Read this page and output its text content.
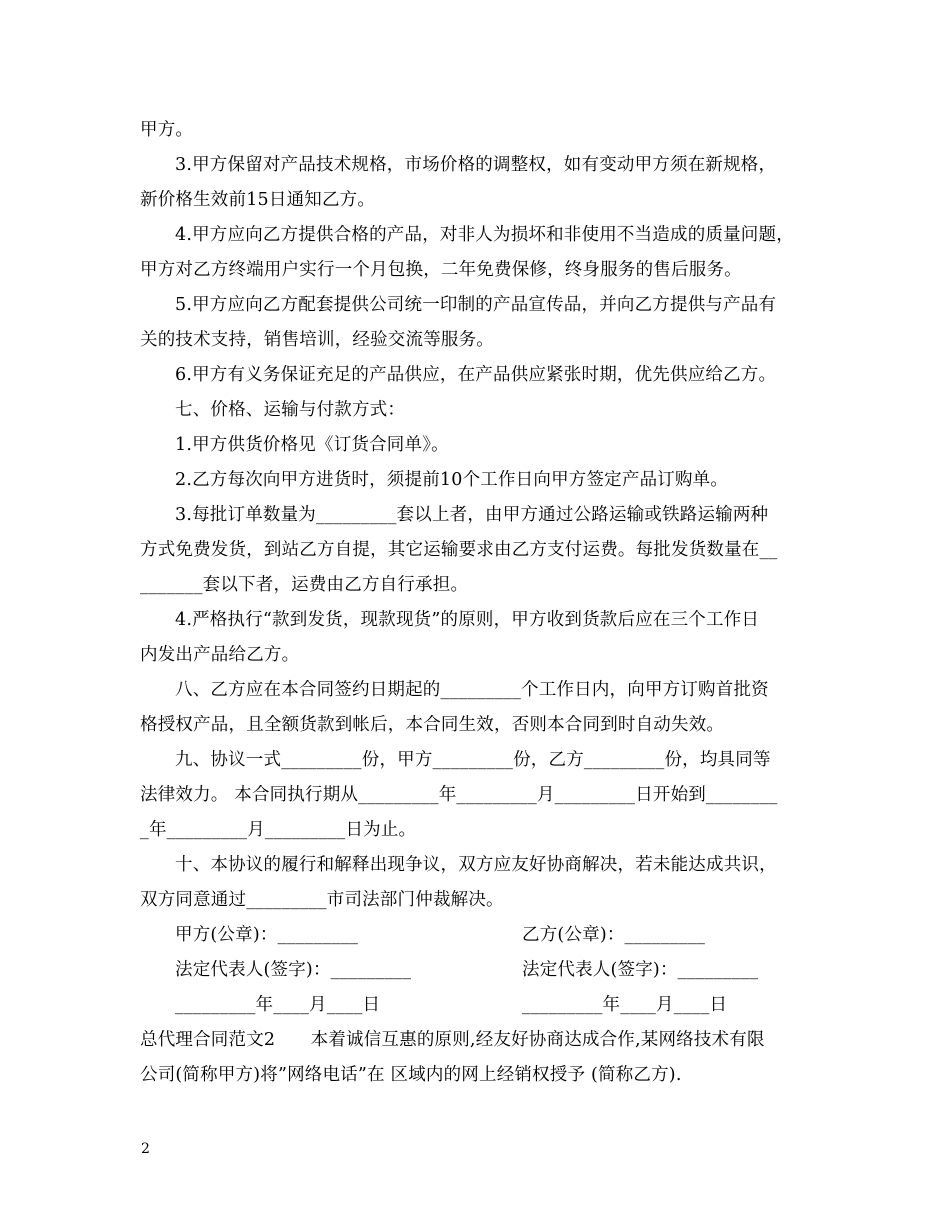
甲方。
3.甲方保留对产品技术规格，市场价格的调整权，如有变动甲方须在新规格，
新价格生效前15日通知乙方。
4.甲方应向乙方提供合格的产品，对非人为损坏和非使用不当造成的质量问题，
甲方对乙方终端用户实行一个月包换，二年免费保修，终身服务的售后服务。
5.甲方应向乙方配套提供公司统一印制的产品宣传品，并向乙方提供与产品有
关的技术支持，销售培训，经验交流等服务。
6.甲方有义务保证充足的产品供应，在产品供应紧张时期，优先供应给乙方。
七、价格、运输与付款方式：
1.甲方供货价格见《订货合同单》。
2.乙方每次向甲方进货时，须提前10个工作日向甲方签定产品订购单。
3.每批订单数量为_________套以上者，由甲方通过公路运输或铁路运输两种
方式免费发货，到站乙方自提，其它运输要求由乙方支付运费。每批发货数量在__
_______套以下者，运费由乙方自行承担。
4.严格执行“款到发货，现款现货”的原则，甲方收到货款后应在三个工作日
内发出产品给乙方。
八、乙方应在本合同签约日期起的_________个工作日内，向甲方订购首批资
格授权产品，且全额货款到帐后，本合同生效，否则本合同到时自动失效。
九、协议一式_________份，甲方_________份，乙方_________份，均具同等
法律效力。 本合同执行期从_________年_________月_________日开始到________
_年_________月_________日为止。
十、本协议的履行和解释出现争议，双方应友好协商解决，若未能达成共识，
双方同意通过_________市司法部门仲裁解决。
甲方(公章)：_________	乙方(公章)：_________
法定代表人(签字)：_________	法定代表人(签字)：_________
_________年____月____日	_________年____月____日
总代理合同范文2　　本着诚信互惠的原则,经友好协商达成合作,某网络技术有限
公司(简称甲方)将”网络电话”在 区域内的网上经销权授予 (简称乙方).
2
